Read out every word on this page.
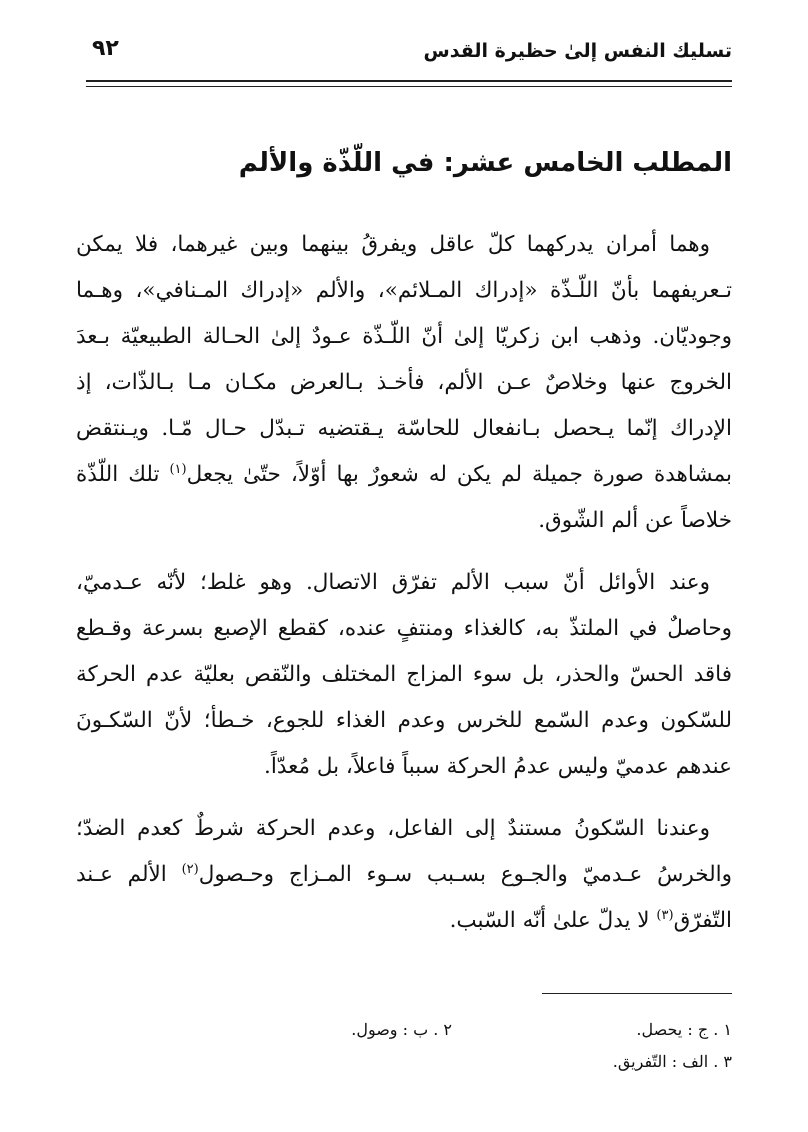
تسليك النفس إلىٰ حظيرة القدس
٩٢
المطلب الخامس عشر: في اللّذّة والألم

وهما أمران يدركهما كلّ عاقل ويفرقُ بينهما وبين غيرهما، فلا يمكن تـعريفهما بأنّ اللّـذّة «إدراك المـلائم»، والألم «إدراك المـنافي»، وهـما وجوديّان. وذهب ابن زكريّا إلىٰ أنّ اللّـذّة عـودٌ إلىٰ الحـالة الطبيعيّة بـعدَ الخروج عنها وخلاصٌ عـن الألم، فأخـذ بـالعرض مكـان مـا بـالذّات، إذ الإدراك إنّما يـحصل بـانفعال للحاسّة يـقتضيه تـبدّل حـال مّـا. ويـنتقض بمشاهدة صورة جميلة لم يكن له شعورٌ بها أوّلاً، حتّىٰ يجعل$^{(١)}$ تلك اللّذّة خلاصاً عن ألم الشّوق.

وعند الأوائل أنّ سبب الألم تفرّق الاتصال. وهو غلط؛ لأنّه عـدميّ، وحاصلٌ في الملتذّ به، كالغذاء ومنتفٍ عنده، كقطع الإصبع بسرعة وقـطع فاقد الحسّ والحذر، بل سوء المزاج المختلف والنّقص بعليّة عدم الحركة للسّكون وعدم السّمع للخرس وعدم الغذاء للجوع، خـطأ؛ لأنّ السّكـونَ عندهم عدميّ وليس عدمُ الحركة سبباً فاعلاً، بل مُعدّاً.

وعندنا السّكونُ مستندٌ إلى الفاعل، وعدم الحركة شرطٌ كعدم الضدّ؛ والخرسُ عـدميّ والجـوع بسـبب سـوء المـزاج وحـصول$^{(٢)}$ الألم عـند التّفرّق$^{(٣)}$ لا يدلّ علىٰ أنّه السّبب.

١ . ج : يحصل.
٢ . ب : وصول.
٣ . الف : التّفريق.
